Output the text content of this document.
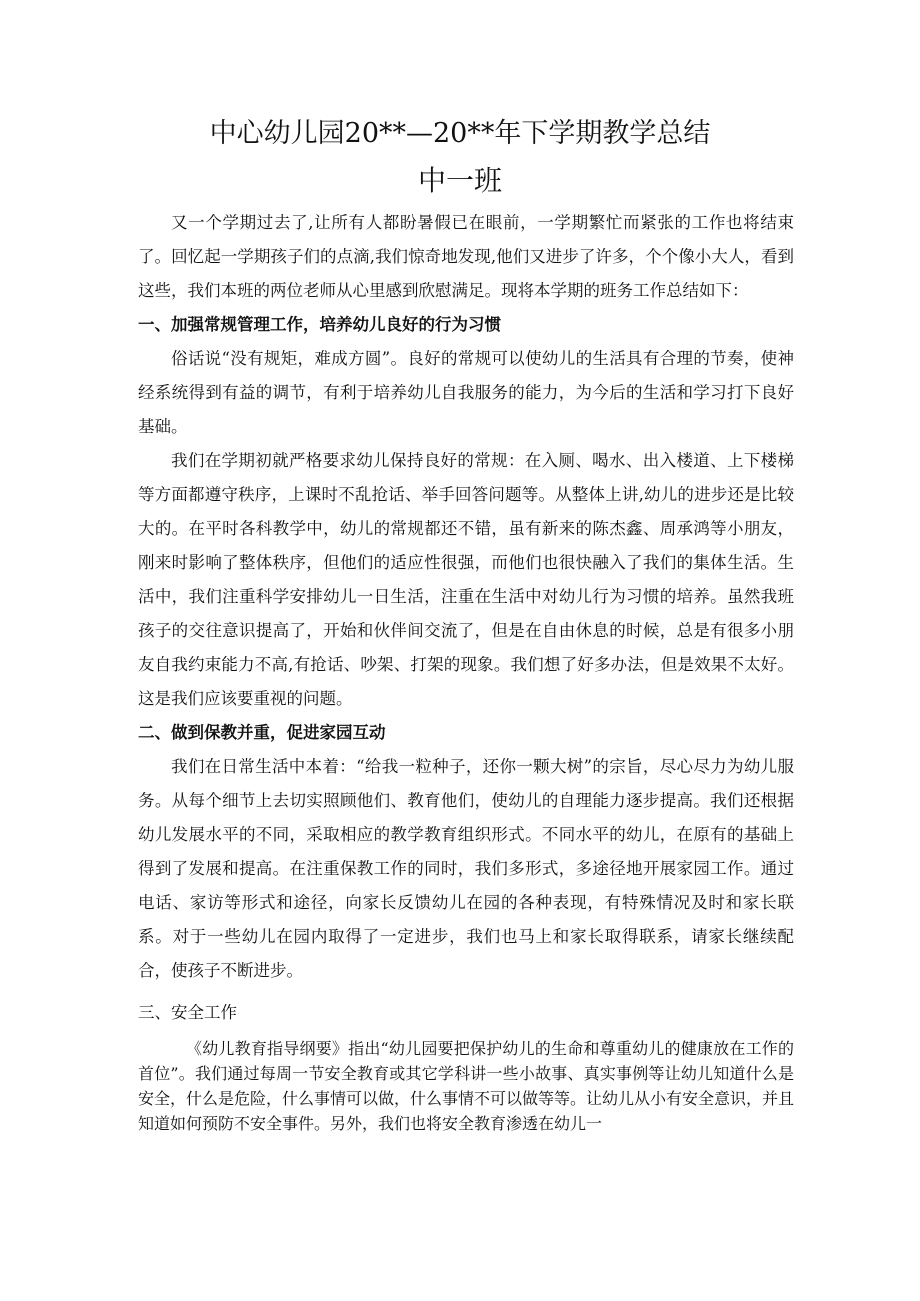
中心幼儿园20**—20**年下学期教学总结
中一班

又一个学期过去了,让所有人都盼暑假已在眼前，一学期繁忙而紧张的工作也将结束了。回忆起一学期孩子们的点滴,我们惊奇地发现,他们又进步了许多，个个像小大人，看到这些，我们本班的两位老师从心里感到欣慰满足。现将本学期的班务工作总结如下：

一、加强常规管理工作，培养幼儿良好的行为习惯

俗话说“没有规矩，难成方圆”。良好的常规可以使幼儿的生活具有合理的节奏，使神经系统得到有益的调节，有利于培养幼儿自我服务的能力，为今后的生活和学习打下良好基础。

我们在学期初就严格要求幼儿保持良好的常规：在入厕、喝水、出入楼道、上下楼梯等方面都遵守秩序，上课时不乱抢话、举手回答问题等。从整体上讲,幼儿的进步还是比较大的。在平时各科教学中，幼儿的常规都还不错，虽有新来的陈杰鑫、周承鸿等小朋友，刚来时影响了整体秩序，但他们的适应性很强，而他们也很快融入了我们的集体生活。生活中，我们注重科学安排幼儿一日生活，注重在生活中对幼儿行为习惯的培养。虽然我班孩子的交往意识提高了，开始和伙伴间交流了，但是在自由休息的时候，总是有很多小朋友自我约束能力不高,有抢话、吵架、打架的现象。我们想了好多办法，但是效果不太好。这是我们应该要重视的问题。

二、做到保教并重，促进家园互动

我们在日常生活中本着：“给我一粒种子，还你一颗大树”的宗旨，尽心尽力为幼儿服务。从每个细节上去切实照顾他们、教育他们，使幼儿的自理能力逐步提高。我们还根据幼儿发展水平的不同，采取相应的教学教育组织形式。不同水平的幼儿，在原有的基础上得到了发展和提高。在注重保教工作的同时，我们多形式，多途径地开展家园工作。通过电话、家访等形式和途径，向家长反馈幼儿在园的各种表现，有特殊情况及时和家长联系。对于一些幼儿在园内取得了一定进步，我们也马上和家长取得联系，请家长继续配合，使孩子不断进步。

三、安全工作

《幼儿教育指导纲要》指出“幼儿园要把保护幼儿的生命和尊重幼儿的健康放在工作的首位”。我们通过每周一节安全教育或其它学科讲一些小故事、真实事例等让幼儿知道什么是安全，什么是危险，什么事情可以做，什么事情不可以做等等。让幼儿从小有安全意识，并且知道如何预防不安全事件。另外，我们也将安全教育渗透在幼儿一
